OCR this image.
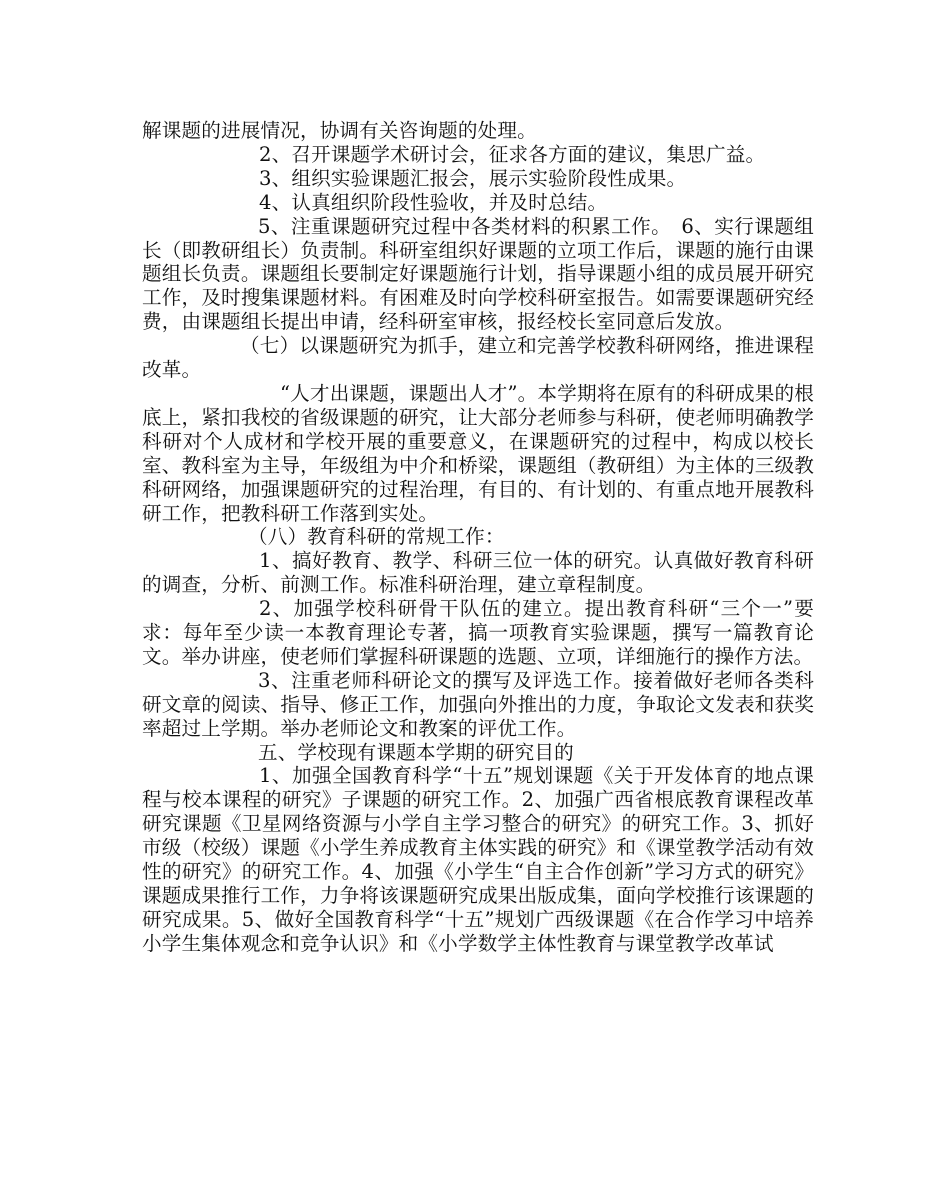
解课题的进展情况，协调有关咨询题的处理。

2、召开课题学术研讨会，征求各方面的建议，集思广益。

3、组织实验课题汇报会，展示实验阶段性成果。

4、认真组织阶段性验收，并及时总结。

5、注重课题研究过程中各类材料的积累工作。　6、实行课题组长（即教研组长）负责制。科研室组织好课题的立项工作后，课题的施行由课题组长负责。课题组长要制定好课题施行计划，指导课题小组的成员展开研究工作，及时搜集课题材料。有困难及时向学校科研室报告。如需要课题研究经费，由课题组长提出申请，经科研室审核，报经校长室同意后发放。

（七）以课题研究为抓手，建立和完善学校教科研网络，推进课程改革。

“人才出课题，课题出人才”。本学期将在原有的科研成果的根底上，紧扣我校的省级课题的研究，让大部分老师参与科研，使老师明确教学科研对个人成材和学校开展的重要意义，在课题研究的过程中，构成以校长室、教科室为主导，年级组为中介和桥梁，课题组（教研组）为主体的三级教科研网络，加强课题研究的过程治理，有目的、有计划的、有重点地开展教科研工作，把教科研工作落到实处。

（八）教育科研的常规工作：

1、搞好教育、教学、科研三位一体的研究。认真做好教育科研的调查，分析、前测工作。标准科研治理，建立章程制度。

2、加强学校科研骨干队伍的建立。提出教育科研“三个一”要求：每年至少读一本教育理论专著，搞一项教育实验课题，撰写一篇教育论文。举办讲座，使老师们掌握科研课题的选题、立项，详细施行的操作方法。

3、注重老师科研论文的撰写及评选工作。接着做好老师各类科研文章的阅读、指导、修正工作，加强向外推出的力度，争取论文发表和获奖率超过上学期。举办老师论文和教案的评优工作。

五、学校现有课题本学期的研究目的

1、加强全国教育科学“十五”规划课题《关于开发体育的地点课程与校本课程的研究》子课题的研究工作。2、加强广西省根底教育课程改革研究课题《卫星网络资源与小学自主学习整合的研究》的研究工作。3、抓好市级（校级）课题《小学生养成教育主体实践的研究》和《课堂教学活动有效性的研究》的研究工作。4、加强《小学生“自主合作创新”学习方式的研究》课题成果推行工作，力争将该课题研究成果出版成集，面向学校推行该课题的研究成果。5、做好全国教育科学“十五”规划广西级课题《在合作学习中培养小学生集体观念和竞争认识》和《小学数学主体性教育与课堂教学改革试
